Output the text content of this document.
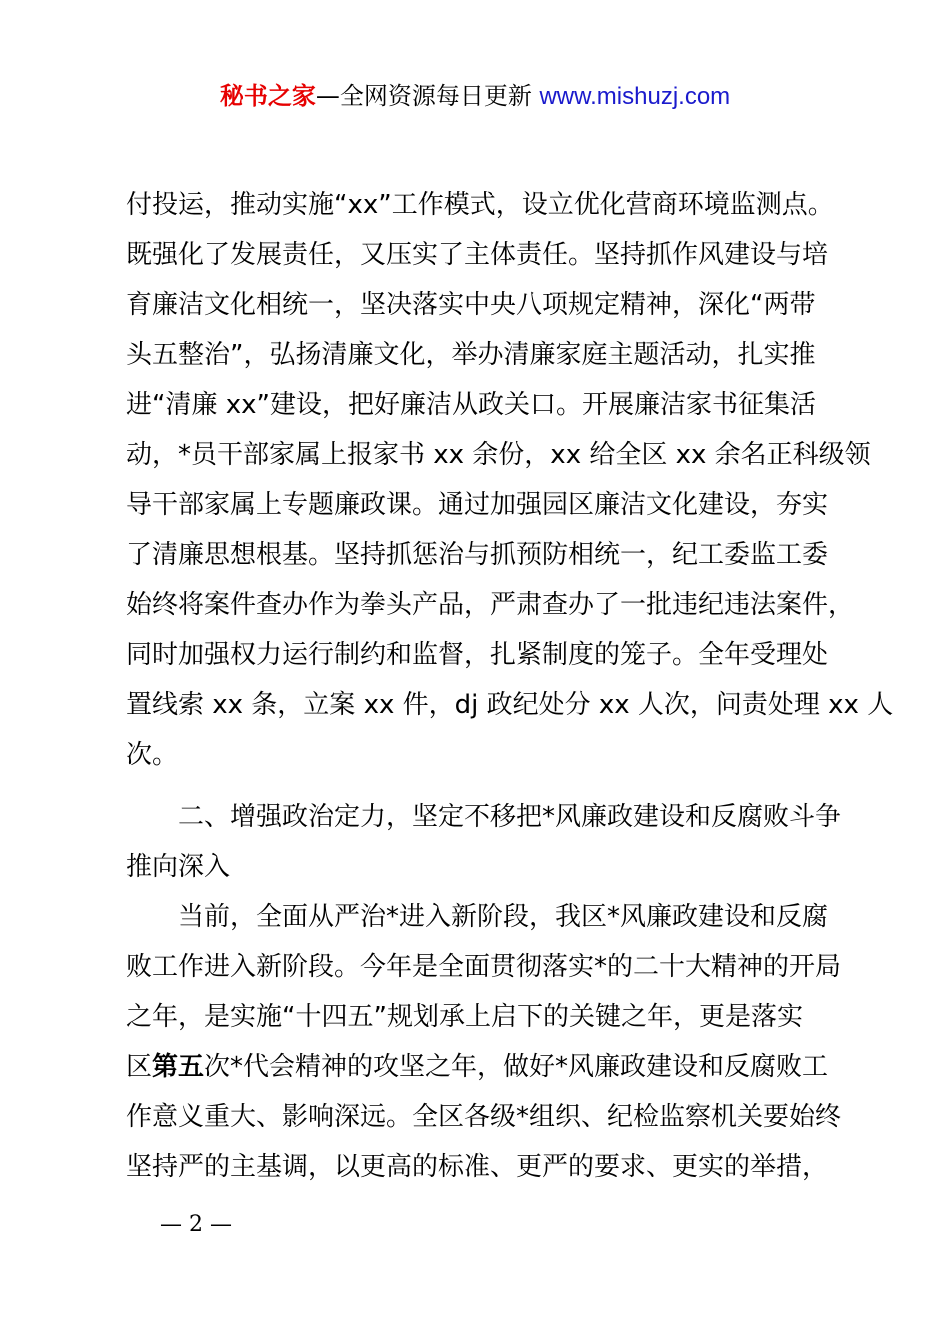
秘书之家—全网资源每日更新 www.mishuzj.com
付投运，推动实施“xx”工作模式，设立优化营商环境监测点。
既强化了发展责任，又压实了主体责任。坚持抓作风建设与培
育廉洁文化相统一，坚决落实中央八项规定精神，深化“两带
头五整治”，弘扬清廉文化，举办清廉家庭主题活动，扎实推
进“清廉 xx”建设，把好廉洁从政关口。开展廉洁家书征集活
动，*员干部家属上报家书 xx 余份，xx 给全区 xx 余名正科级领
导干部家属上专题廉政课。通过加强园区廉洁文化建设，夯实
了清廉思想根基。坚持抓惩治与抓预防相统一，纪工委监工委
始终将案件查办作为拳头产品，严肃查办了一批违纪违法案件，
同时加强权力运行制约和监督，扎紧制度的笼子。全年受理处
置线索 xx 条，立案 xx 件，dj 政纪处分 xx 人次，问责处理 xx 人
次。
二、增强政治定力，坚定不移把*风廉政建设和反腐败斗争
推向深入
当前，全面从严治*进入新阶段，我区*风廉政建设和反腐
败工作进入新阶段。今年是全面贯彻落实*的二十大精神的开局
之年，是实施“十四五”规划承上启下的关键之年，更是落实
区第五次*代会精神的攻坚之年，做好*风廉政建设和反腐败工
作意义重大、影响深远。全区各级*组织、纪检监察机关要始终
坚持严的主基调，以更高的标准、更严的要求、更实的举措，
— 2 —
